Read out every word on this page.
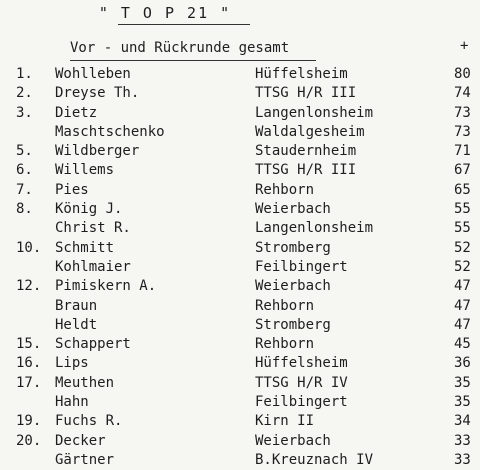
" T O P 21 "
Vor - und Rückrunde gesamt	+
1. Wohlleben	Hüffelsheim	80
2. Dreyse Th.	TTSG H/R III	74
3. Dietz	Langenlonsheim	73
Maschtschenko	Waldalgesheim	73
5. Wildberger	Staudernheim	71
6. Willems	TTSG H/R III	67
7. Pies	Rehborn	65
8. König J.	Weierbach	55
Christ R.	Langenlonsheim	55
10. Schmitt	Stromberg	52
Kohlmaier	Feilbingert	52
12. Pimiskern A.	Weierbach	47
Braun	Rehborn	47
Heldt	Stromberg	47
15. Schappert	Rehborn	45
16. Lips	Hüffelsheim	36
17. Meuthen	TTSG H/R IV	35
Hahn	Feilbingert	35
19. Fuchs R.	Kirn II	34
20. Decker	Weierbach	33
Gärtner	B.Kreuznach IV	33
